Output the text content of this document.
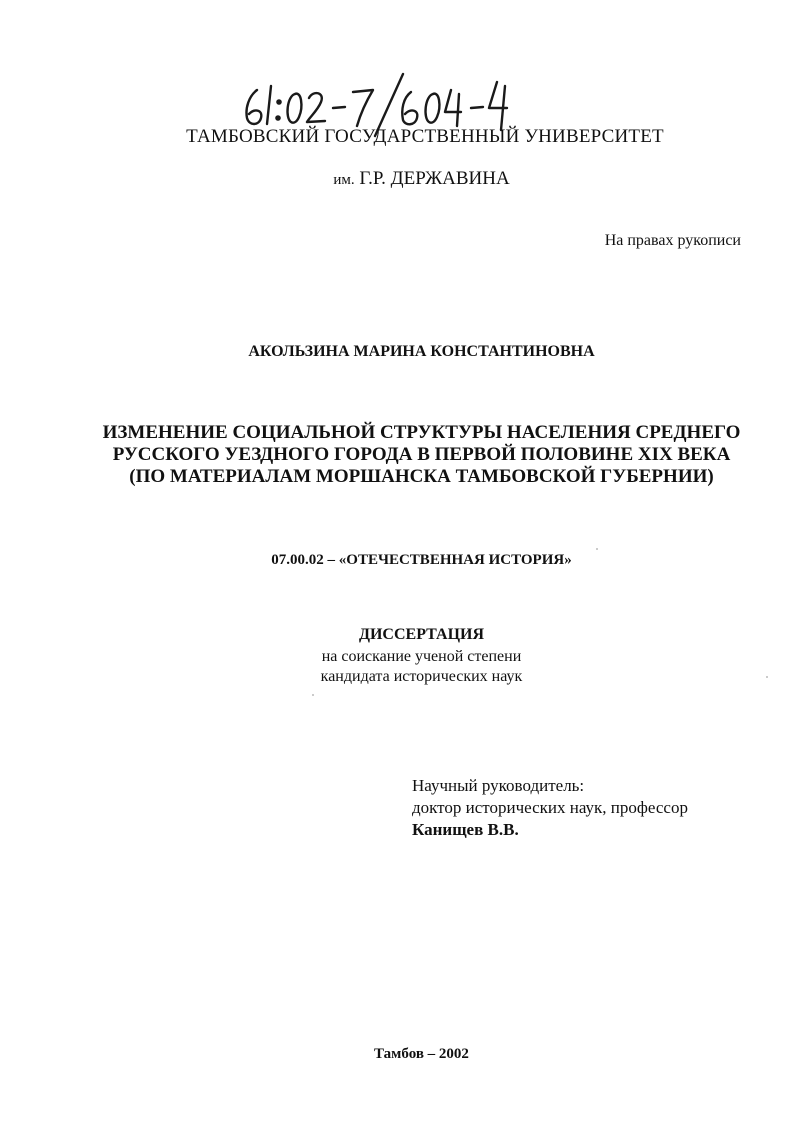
ТАМБОВСКИЙ ГОСУДАРСТВЕННЫЙ УНИВЕРСИТЕТ
им. Г.Р. ДЕРЖАВИНА
На правах рукописи
АКОЛЬЗИНА МАРИНА КОНСТАНТИНОВНА
ИЗМЕНЕНИЕ СОЦИАЛЬНОЙ СТРУКТУРЫ НАСЕЛЕНИЯ СРЕДНЕГО
РУССКОГО УЕЗДНОГО ГОРОДА В ПЕРВОЙ ПОЛОВИНЕ XIX ВЕКА
(ПО МАТЕРИАЛАМ МОРШАНСКА ТАМБОВСКОЙ ГУБЕРНИИ)
07.00.02 – «ОТЕЧЕСТВЕННАЯ ИСТОРИЯ»
ДИССЕРТАЦИЯ
на соискание ученой степени
кандидата исторических наук
Научный руководитель:
доктор исторических наук, профессор
Канищев В.В.
Тамбов – 2002
